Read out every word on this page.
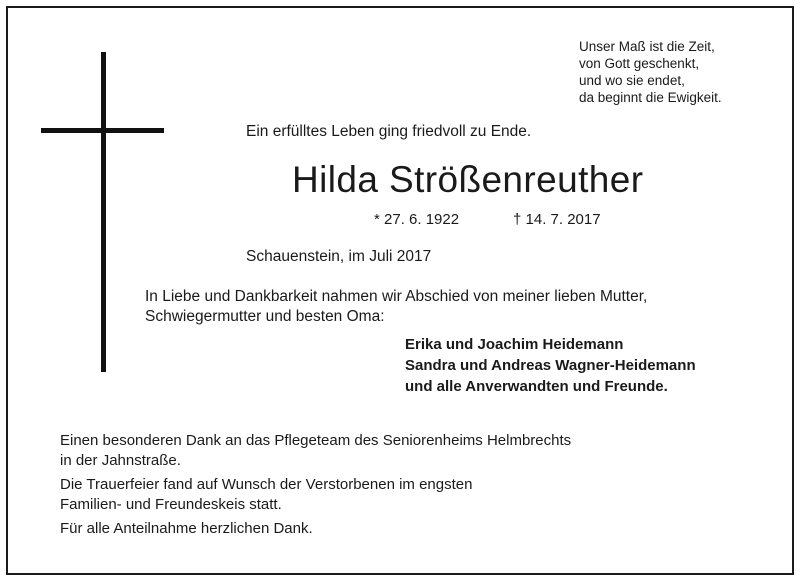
Unser Maß ist die Zeit,
von Gott geschenkt,
und wo sie endet,
da beginnt die Ewigkeit.
Ein erfülltes Leben ging friedvoll zu Ende.
Hilda Strößenreuther
* 27. 6. 1922	† 14. 7. 2017
Schauenstein, im Juli 2017
In Liebe und Dankbarkeit nahmen wir Abschied von meiner lieben Mutter,
Schwiegermutter und besten Oma:
Erika und Joachim Heidemann
Sandra und Andreas Wagner-Heidemann
und alle Anverwandten und Freunde.
Einen besonderen Dank an das Pflegeteam des Seniorenheims Helmbrechts
in der Jahnstraße.
Die Trauerfeier fand auf Wunsch der Verstorbenen im engsten
Familien- und Freundeskeis statt.
Für alle Anteilnahme herzlichen Dank.
